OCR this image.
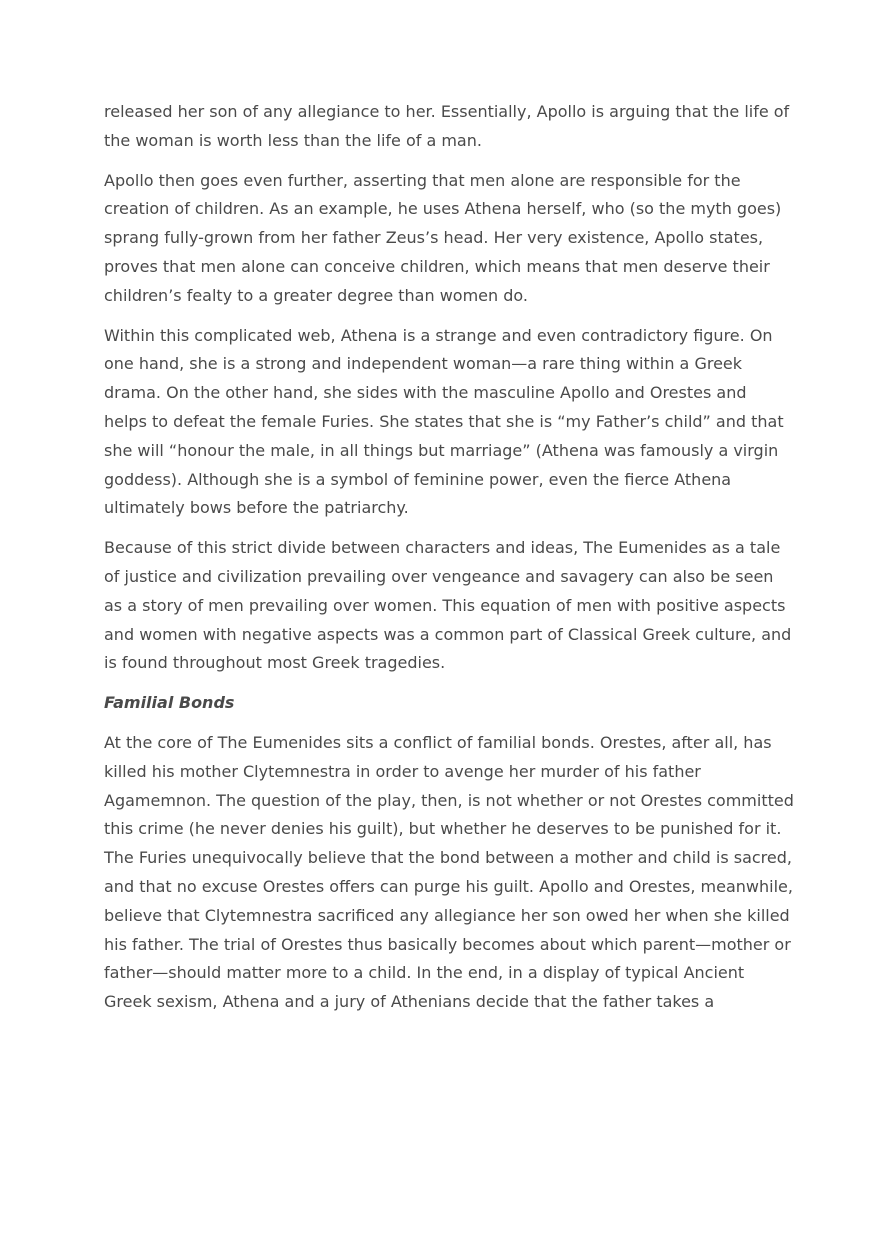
released her son of any allegiance to her. Essentially, Apollo is arguing that the life of the woman is worth less than the life of a man.

Apollo then goes even further, asserting that men alone are responsible for the creation of children. As an example, he uses Athena herself, who (so the myth goes) sprang fully-grown from her father Zeus’s head. Her very existence, Apollo states, proves that men alone can conceive children, which means that men deserve their children’s fealty to a greater degree than women do.

Within this complicated web, Athena is a strange and even contradictory figure. On one hand, she is a strong and independent woman—a rare thing within a Greek drama. On the other hand, she sides with the masculine Apollo and Orestes and helps to defeat the female Furies. She states that she is “my Father’s child” and that she will “honour the male, in all things but marriage” (Athena was famously a virgin goddess). Although she is a symbol of feminine power, even the fierce Athena ultimately bows before the patriarchy.

Because of this strict divide between characters and ideas, The Eumenides as a tale of justice and civilization prevailing over vengeance and savagery can also be seen as a story of men prevailing over women. This equation of men with positive aspects and women with negative aspects was a common part of Classical Greek culture, and is found throughout most Greek tragedies.

Familial Bonds

At the core of The Eumenides sits a conflict of familial bonds. Orestes, after all, has killed his mother Clytemnestra in order to avenge her murder of his father Agamemnon. The question of the play, then, is not whether or not Orestes committed this crime (he never denies his guilt), but whether he deserves to be punished for it. The Furies unequivocally believe that the bond between a mother and child is sacred, and that no excuse Orestes offers can purge his guilt. Apollo and Orestes, meanwhile, believe that Clytemnestra sacrificed any allegiance her son owed her when she killed his father. The trial of Orestes thus basically becomes about which parent—mother or father—should matter more to a child. In the end, in a display of typical Ancient Greek sexism, Athena and a jury of Athenians decide that the father takes a
